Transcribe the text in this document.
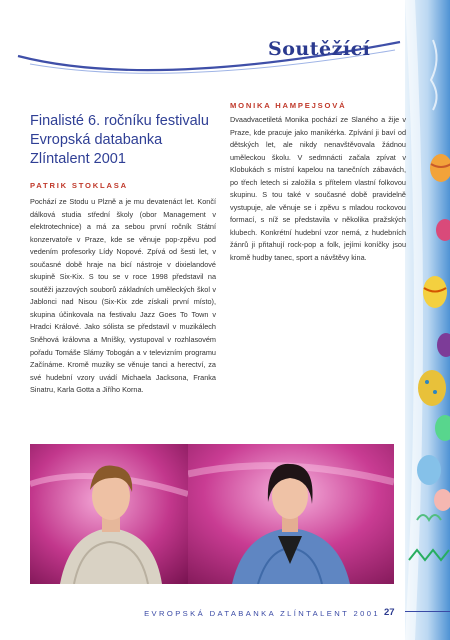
Soutěžící
Finalisté 6. ročníku festivalu
Evropská databanka
Zlíntalent 2001
PATRIK STOKLASA

Pochází ze Stodu u Plzně a je mu devatenáct let. Končí dálková studia střední školy (obor Management v elektrotechnice) a má za sebou první ročník Státní konzervatoře v Praze, kde se věnuje pop-zpěvu pod vedením profesorky Lídy Nopové. Zpívá od šesti let, v současné době hraje na bicí nástroje v dixielandové skupině Six-Kix. S tou se v roce 1998 představil na soutěži jazzových souborů základních uměleckých škol v Jablonci nad Nisou (Six-Kix zde získali první místo), skupina účinkovala na festivalu Jazz Goes To Town v Hradci Králové. Jako sólista se představil v muzikálech Sněhová královna a Mníšky, vystupoval v rozhlasovém pořadu Tomáše Slámy Tobogán a v televizním programu Začínáme. Kromě muziky se věnuje tanci a herectví, za své hudební vzory uvádí Michaela Jacksona, Franka Sinatru, Karla Gotta a Jiřího Korna.

MONIKA HAMPEJSOVÁ

Dvaadvacetiletá Monika pochází ze Slaného a žije v Praze, kde pracuje jako manikérka. Zpívání ji baví od dětských let, ale nikdy nenavštěvovala žádnou uměleckou školu. V sedmnácti začala zpívat v Klobukách s místní kapelou na tanečních zábavách, po třech letech si založila s přítelem vlastní folkovou skupinu. S tou také v současné době pravidelně vystupuje, ale věnuje se i zpěvu s mladou rockovou formací, s níž se představila v několika pražských klubech. Konkrétní hudební vzor nemá, z hudebních žánrů ji přitahují rock-pop a folk, jejími koníčky jsou kromě hudby tanec, sport a návštěvy kina.

EVROPSKÁ DATABANKA ZLÍNTALENT 2001 27
